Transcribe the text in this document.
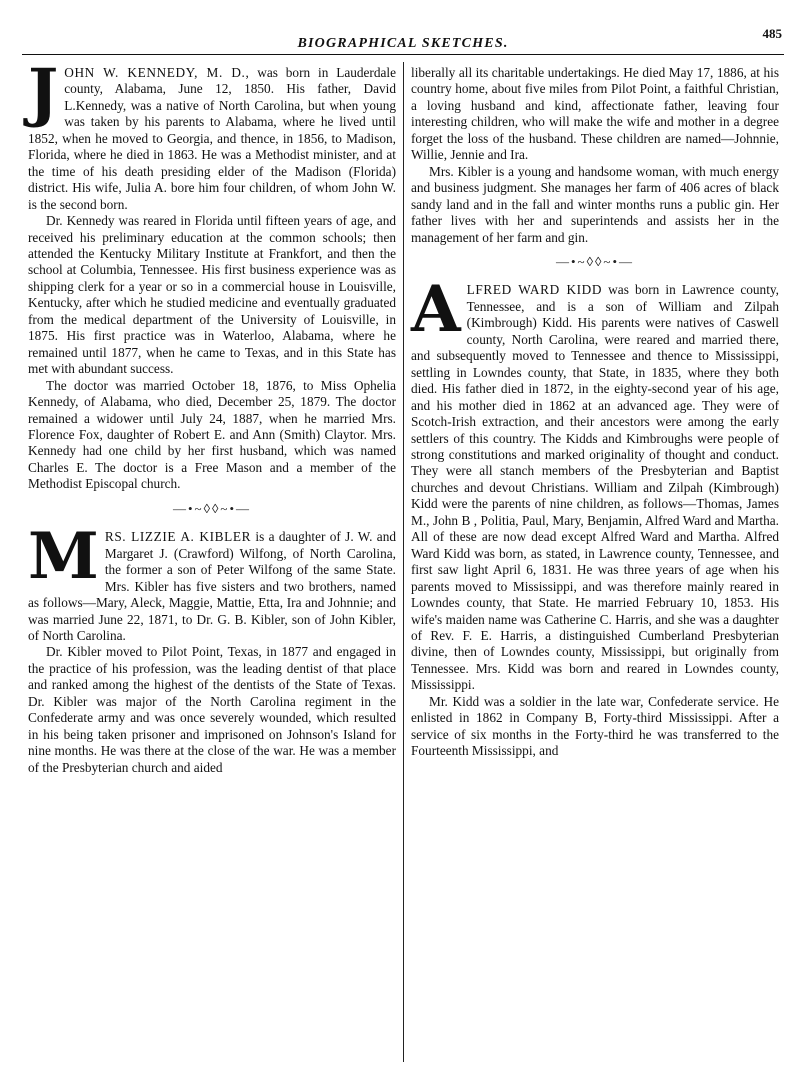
BIOGRAPHICAL SKETCHES.
485

JOHN W. KENNEDY, M. D., was born in Lauderdale county, Alabama, June 12, 1850. His father, David L.Kennedy, was a native of North Carolina, but when young was taken by his parents to Alabama, where he lived until 1852, when he moved to Georgia, and thence, in 1856, to Madison, Florida, where he died in 1863. He was a Methodist minister, and at the time of his death presiding elder of the Madison (Florida) district. His wife, Julia A. bore him four children, of whom John W. is the second born.

Dr. Kennedy was reared in Florida until fifteen years of age, and received his preliminary education at the common schools; then attended the Kentucky Military Institute at Frankfort, and then the school at Columbia, Tennessee. His first business experience was as shipping clerk for a year or so in a commercial house in Louisville, Kentucky, after which he studied medicine and eventually graduated from the medical department of the University of Louisville, in 1875. His first practice was in Waterloo, Alabama, where he remained until 1877, when he came to Texas, and in this State has met with abundant success.

The doctor was married October 18, 1876, to Miss Ophelia Kennedy, of Alabama, who died, December 25, 1879. The doctor remained a widower until July 24, 1887, when he married Mrs. Florence Fox, daughter of Robert E. and Ann (Smith) Claytor. Mrs. Kennedy had one child by her first husband, which was named Charles E. The doctor is a Free Mason and a member of the Methodist Episcopal church.

—•~◊◊~•—

MRS. LIZZIE A. KIBLER is a daughter of J. W. and Margaret J. (Crawford) Wilfong, of North Carolina, the former a son of Peter Wilfong of the same State. Mrs. Kibler has five sisters and two brothers, named as follows—Mary, Aleck, Maggie, Mattie, Etta, Ira and Johnnie; and was married June 22, 1871, to Dr. G. B. Kibler, son of John Kibler, of North Carolina.

Dr. Kibler moved to Pilot Point, Texas, in 1877 and engaged in the practice of his profession, was the leading dentist of that place and ranked among the highest of the dentists of the State of Texas. Dr. Kibler was major of the North Carolina regiment in the Confederate army and was once severely wounded, which resulted in his being taken prisoner and imprisoned on Johnson's Island for nine months. He was there at the close of the war. He was a member of the Presbyterian church and aided

liberally all its charitable undertakings. He died May 17, 1886, at his country home, about five miles from Pilot Point, a faithful Christian, a loving husband and kind, affectionate father, leaving four interesting children, who will make the wife and mother in a degree forget the loss of the husband. These children are named—Johnnie, Willie, Jennie and Ira.

Mrs. Kibler is a young and handsome woman, with much energy and business judgment. She manages her farm of 406 acres of black sandy land and in the fall and winter months runs a public gin. Her father lives with her and superintends and assists her in the management of her farm and gin.

—•~◊◊~•—

ALFRED WARD KIDD was born in Lawrence county, Tennessee, and is a son of William and Zilpah (Kimbrough) Kidd. His parents were natives of Caswell county, North Carolina, were reared and married there, and subsequently moved to Tennessee and thence to Mississippi, settling in Lowndes county, that State, in 1835, where they both died. His father died in 1872, in the eighty-second year of his age, and his mother died in 1862 at an advanced age. They were of Scotch-Irish extraction, and their ancestors were among the early settlers of this country. The Kidds and Kimbroughs were people of strong constitutions and marked originality of thought and conduct. They were all stanch members of the Presbyterian and Baptist churches and devout Christians. William and Zilpah (Kimbrough) Kidd were the parents of nine children, as follows—Thomas, James M., John B , Politia, Paul, Mary, Benjamin, Alfred Ward and Martha. All of these are now dead except Alfred Ward and Martha. Alfred Ward Kidd was born, as stated, in Lawrence county, Tennessee, and first saw light April 6, 1831. He was three years of age when his parents moved to Mississippi, and was therefore mainly reared in Lowndes county, that State. He married February 10, 1853. His wife's maiden name was Catherine C. Harris, and she was a daughter of Rev. F. E. Harris, a distinguished Cumberland Presbyterian divine, then of Lowndes county, Mississippi, but originally from Tennessee. Mrs. Kidd was born and reared in Lowndes county, Mississippi.

Mr. Kidd was a soldier in the late war, Confederate service. He enlisted in 1862 in Company B, Forty-third Mississippi. After a service of six months in the Forty-third he was transferred to the Fourteenth Mississippi, and
